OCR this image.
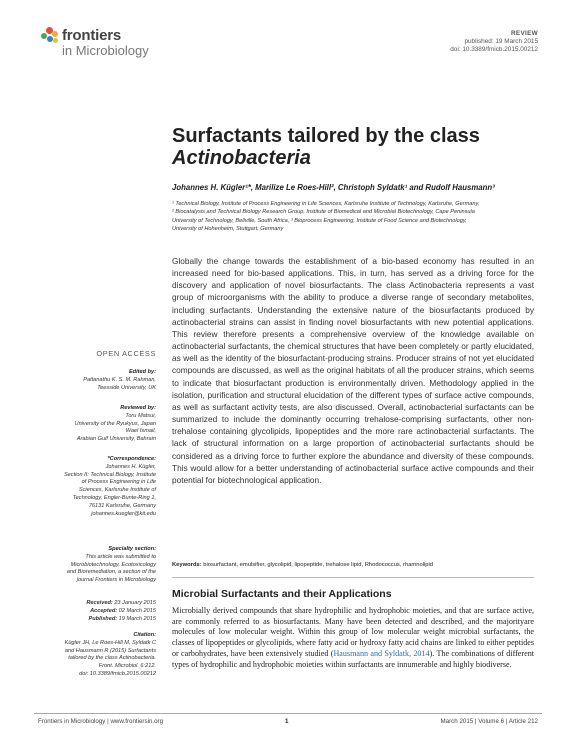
frontiers
in Microbiology
REVIEW
published: 19 March 2015
doi: 10.3389/fmicb.2015.00212
Surfactants tailored by the class
Actinobacteria
Johannes H. Kügler¹*, Marilize Le Roes-Hill², Christoph Syldatk¹ and Rudolf Hausmann³
¹ Technical Biology, Institute of Process Engineering in Life Sciences, Karlsruhe Institute of Technology, Karlsruhe, Germany,
² Biocatalysis and Technical Biology Research Group, Institute of Biomedical and Microbial Biotechnology, Cape Peninsula
University of Technology, Bellville, South Africa, ³ Bioprocess Engineering, Institute of Food Science and Biotechnology,
University of Hohenheim, Stuttgart, Germany
Globally the change towards the establishment of a bio-based economy has resulted in an increased need for bio-based applications. This, in turn, has served as a driving force for the discovery and application of novel biosurfactants. The class Actinobacteria represents a vast group of microorganisms with the ability to produce a diverse range of secondary metabolites, including surfactants. Understanding the extensive nature of the biosurfactants produced by actinobacterial strains can assist in finding novel biosurfactants with new potential applications. This review therefore presents a comprehensive overview of the knowledge available on actinobacterial surfactants, the chemical structures that have been completely or partly elucidated, as well as the identity of the biosurfactant-producing strains. Producer strains of not yet elucidated compounds are discussed, as well as the original habitats of all the producer strains, which seems to indicate that biosurfactant production is environmentally driven. Methodology applied in the isolation, purification and structural elucidation of the different types of surface active compounds, as well as surfactant activity tests, are also discussed. Overall, actinobacterial surfactants can be summarized to include the dominantly occurring trehalose-comprising surfactants, other non-trehalose containing glycolipids, lipopeptides and the more rare actinobacterial surfactants. The lack of structural information on a large proportion of actinobacterial surfactants should be considered as a driving force to further explore the abundance and diversity of these compounds. This would allow for a better understanding of actinobacterial surface active compounds and their potential for biotechnological application.
Keywords: biosurfactant, emulsifier, glycolipid, lipopeptide, trehalose lipid, Rhodococcus, rhamnolipid
Microbial Surfactants and their Applications
Microbially derived compounds that share hydrophilic and hydrophobic moieties, and that are surface active, are commonly referred to as biosurfactants. Many have been detected and described, and the majorityare molecules of low molecular weight. Within this group of low molecular weight microbial surfactants, the classes of lipopeptides or glycolipids, where fatty acid or hydroxy fatty acid chains are linked to either peptides or carbohydrates, have been extensively studied (Hausmann and Syldatk, 2014). The combinations of different types of hydrophilic and hydrophobic moieties within surfactants are innumerable and highly biodiverse.
OPEN ACCESS
Edited by:
Pattanathu K. S. M. Rahman,
Teesside University, UK
Reviewed by:
Toru Matsui,
University of the Ryukyus, Japan
Wael Ismail,
Arabian Gulf University, Bahrain
*Correspondence:
Johannes H. Kügler,
Section II: Technical Biology, Institute
of Process Engineering in Life
Sciences, Karlsruhe Institute of
Technology, Engler-Bunte-Ring 1,
76131 Karlsruhe, Germany
johannes.kuegler@kit.edu
Specialty section:
This article was submitted to
Microbiotechnology, Ecotoxicology
and Bioremediation, a section of the
journal Frontiers in Microbiology
Received: 23 January 2015
Accepted: 02 March 2015
Published: 19 March 2015
Citation:
Kügler JH, Le Roes-Hill M, Syldatk C
and Hausmann R (2015) Surfactants
tailored by the class Actinobacteria.
Front. Microbiol. 6:212.
doi: 10.3389/fmicb.2015.00212
Frontiers in Microbiology | www.frontiersin.org	1	March 2015 | Volume 6 | Article 212
